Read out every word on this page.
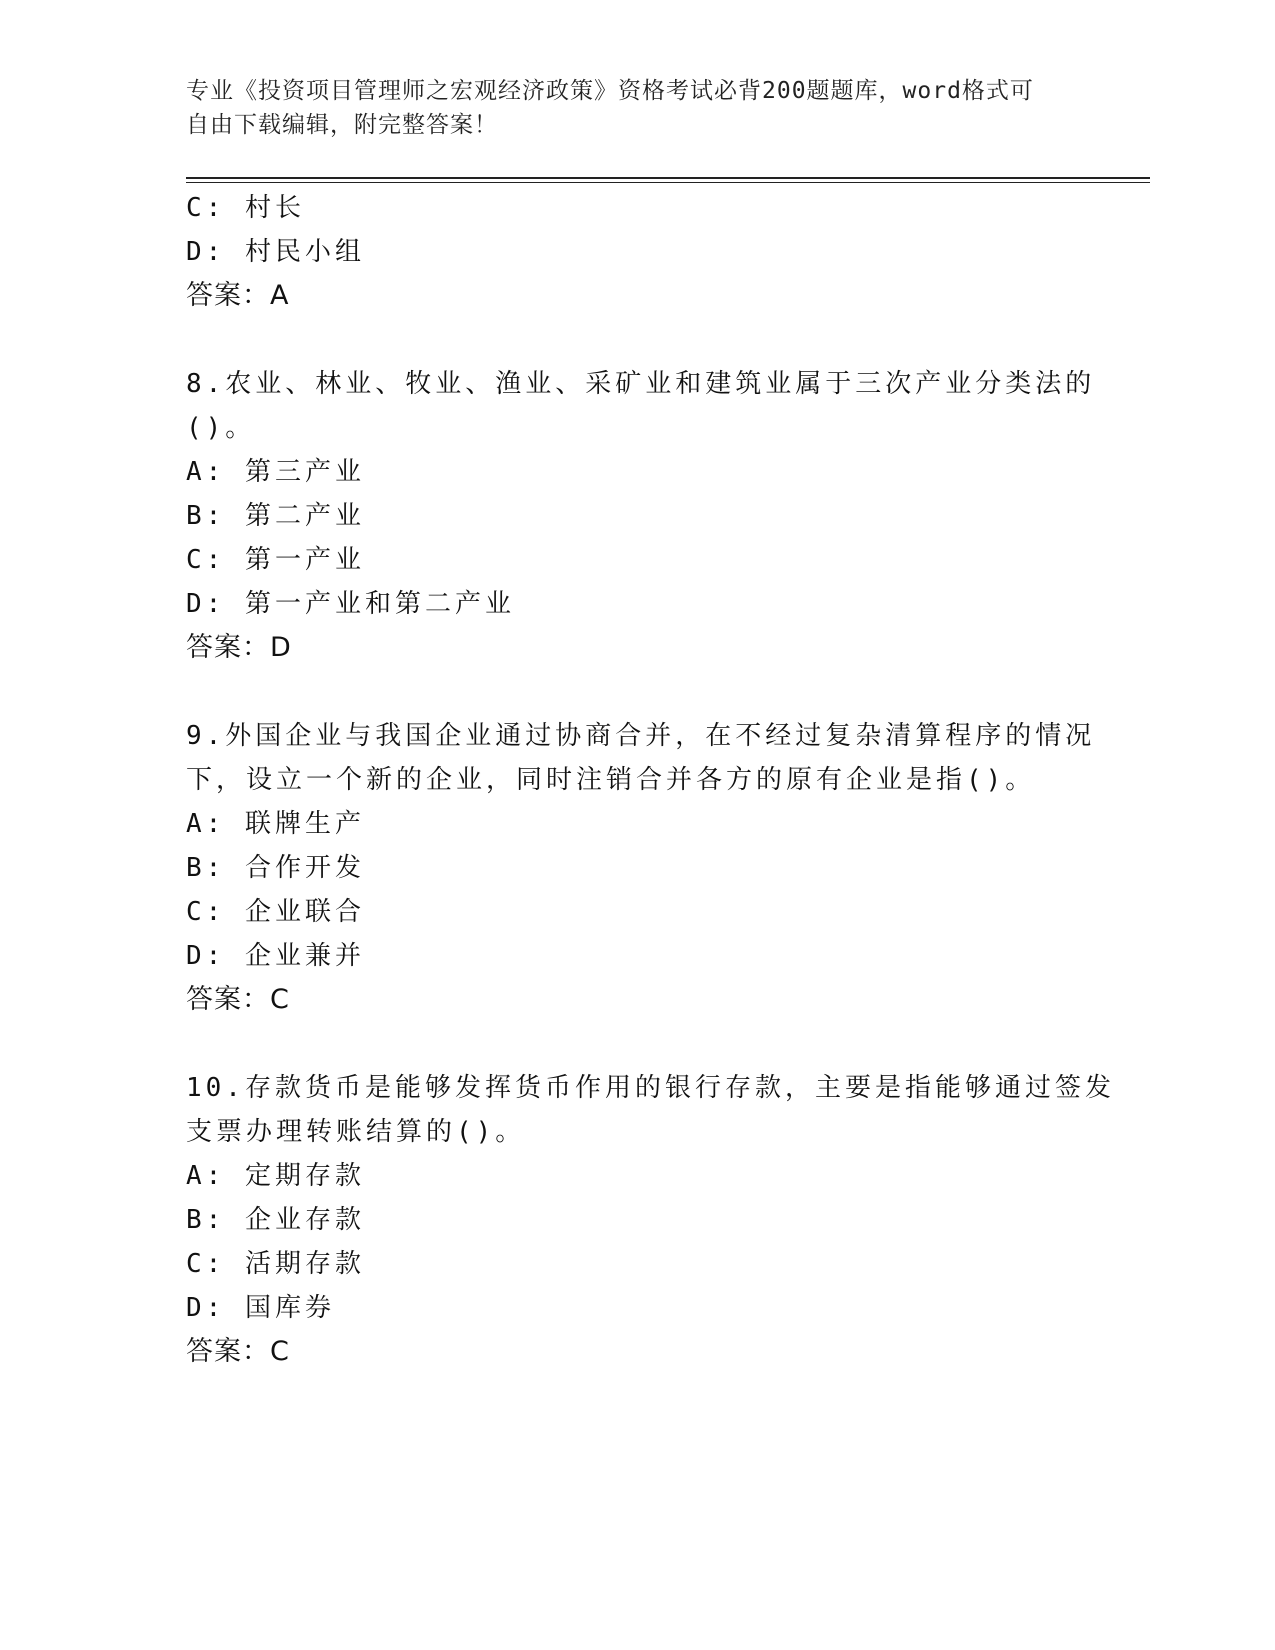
专业《投资项目管理师之宏观经济政策》资格考试必背200题题库，word格式可
自由下载编辑，附完整答案！
C: 村长
D: 村民小组
答案：A
8.农业、林业、牧业、渔业、采矿业和建筑业属于三次产业分类法的
()。
A: 第三产业
B: 第二产业
C: 第一产业
D: 第一产业和第二产业
答案：D
9.外国企业与我国企业通过协商合并，在不经过复杂清算程序的情况
下，设立一个新的企业，同时注销合并各方的原有企业是指()。
A: 联牌生产
B: 合作开发
C: 企业联合
D: 企业兼并
答案：C
10.存款货币是能够发挥货币作用的银行存款，主要是指能够通过签发
支票办理转账结算的()。
A: 定期存款
B: 企业存款
C: 活期存款
D: 国库券
答案：C
